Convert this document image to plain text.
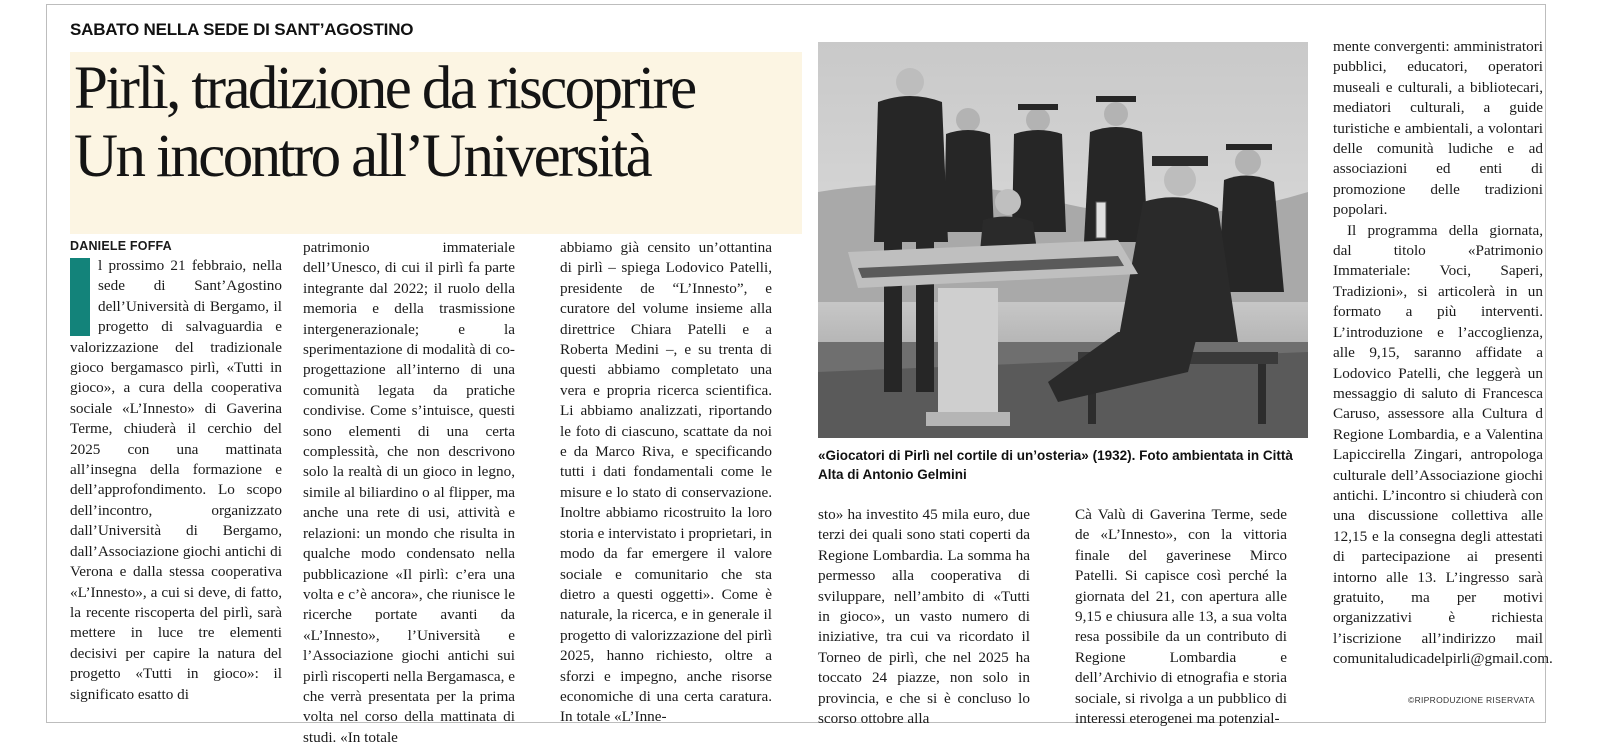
SABATO NELLA SEDE DI SANT’AGOSTINO
Pirlì, tradizione da riscoprire
Un incontro all’Università
DANIELE FOFFA

l prossimo 21 febbraio, nella sede di Sant’Agostino dell’Università di Bergamo, il progetto di salvaguardia e valorizzazione del tradizionale gioco bergamasco pirlì, «Tutti in gioco», a cura della cooperativa sociale «L’Innesto» di Gaverina Terme, chiuderà il cerchio del 2025 con una mattinata all’insegna della formazione e dell’approfondimento. Lo scopo dell’incontro, organizzato dall’Università di Bergamo, dall’Associazione giochi antichi di Verona e dalla stessa cooperativa «L’Innesto», a cui si deve, di fatto, la recente riscoperta del pirlì, sarà mettere in luce tre elementi decisivi per capire la natura del progetto «Tutti in gioco»: il significato esatto di

patrimonio immateriale dell’Unesco, di cui il pirlì fa parte integrante dal 2022; il ruolo della memoria e della trasmissione intergenerazionale; e la sperimentazione di modalità di co-progettazione all’interno di una comunità legata da pratiche condivise. Come s’intuisce, questi sono elementi di una certa complessità, che non descrivono solo la realtà di un gioco in legno, simile al biliardino o al flipper, ma anche una rete di usi, attività e relazioni: un mondo che risulta in qualche modo condensato nella pubblicazione «Il pirlì: c’era una volta e c’è ancora», che riunisce le ricerche portate avanti da «L’Innesto», l’Università e l’Associazione giochi antichi sui pirlì riscoperti nella Bergamasca, e che verrà presentata per la prima volta nel corso della mattinata di studi. «In totale

abbiamo già censito un’ottantina di pirlì – spiega Lodovico Patelli, presidente de “L’Innesto”, e curatore del volume insieme alla direttrice Chiara Patelli e a Roberta Medini –, e su trenta di questi abbiamo completato una vera e propria ricerca scientifica. Li abbiamo analizzati, riportando le foto di ciascuno, scattate da noi e da Marco Riva, e specificando tutti i dati fondamentali come le misure e lo stato di conservazione. Inoltre abbiamo ricostruito la loro storia e intervistato i proprietari, in modo da far emergere il valore sociale e comunitario che sta dietro a questi oggetti». Come è naturale, la ricerca, e in generale il progetto di valorizzazione del pirlì 2025, hanno richiesto, oltre a sforzi e impegno, anche risorse economiche di una certa caratura. In totale «L’Inne-

«Giocatori di Pirlì nel cortile di un’osteria» (1932). Foto ambientata in Città Alta di Antonio Gelmini

sto» ha investito 45 mila euro, due terzi dei quali sono stati coperti da Regione Lombardia. La somma ha permesso alla cooperativa di sviluppare, nell’ambito di «Tutti in gioco», un vasto numero di iniziative, tra cui va ricordato il Torneo de pirlì, che nel 2025 ha toccato 24 piazze, non solo in provincia, e che si è concluso lo scorso ottobre alla

Cà Valù di Gaverina Terme, sede de «L’Innesto», con la vittoria finale del gaverinese Mirco Patelli. Si capisce così perché la giornata del 21, con apertura alle 9,15 e chiusura alle 13, a sua volta resa possibile da un contributo di Regione Lombardia e dell’Archivio di etnografia e storia sociale, si rivolga a un pubblico di interessi eterogenei ma potenzial-

mente convergenti: amministratori pubblici, educatori, operatori museali e culturali, a bibliotecari, mediatori culturali, a guide turistiche e ambientali, a volontari delle comunità ludiche e ad associazioni ed enti di promozione delle tradizioni popolari.

Il programma della giornata, dal titolo «Patrimonio Immateriale: Voci, Saperi, Tradizioni», si articolerà in un formato a più interventi. L’introduzione e l’accoglienza, alle 9,15, saranno affidate a Lodovico Patelli, che leggerà un messaggio di saluto di Francesca Caruso, assessore alla Cultura d Regione Lombardia, e a Valentina Lapiccirella Zingari, antropologa culturale dell’Associazione giochi antichi. L’incontro si chiuderà con una discussione collettiva alle 12,15 e la consegna degli attestati di partecipazione ai presenti intorno alle 13. L’ingresso sarà gratuito, ma per motivi organizzativi è richiesta l’iscrizione all’indirizzo mail comunitaludicadelpirli@gmail.com.

©RIPRODUZIONE RISERVATA
